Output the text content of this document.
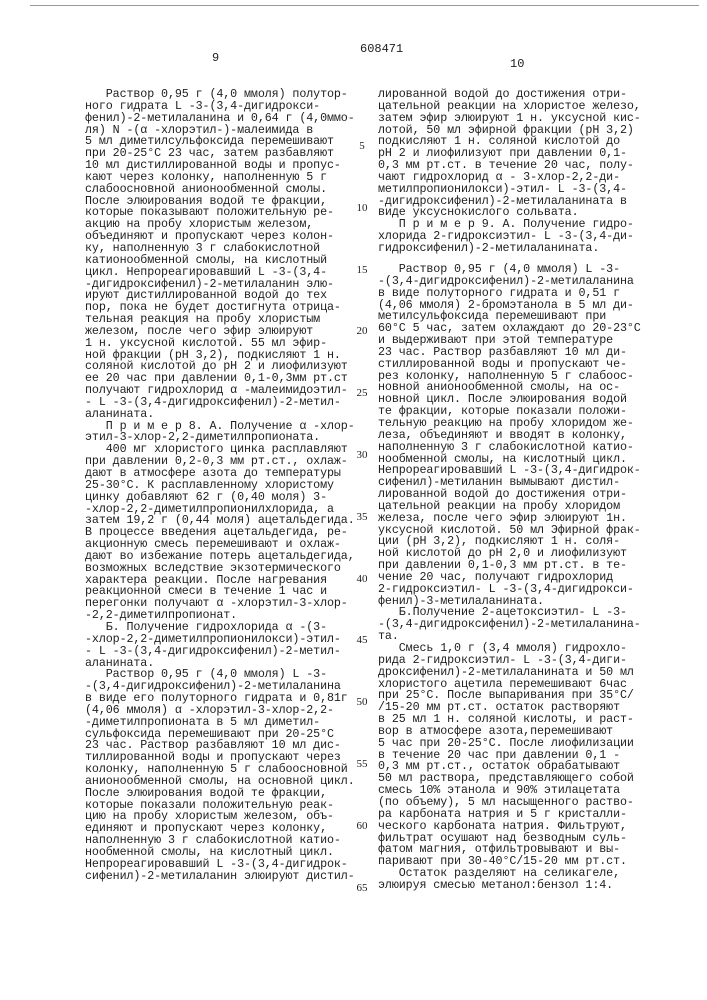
608471
9	10
Раствор 0,95 г (4,0 ммоля) полутор-
ного гидрата L -3-(3,4-дигидрокси-
фенил)-2-метилаланина и 0,64 г (4,0ммо-
ля) N -(α -хлорэтил-)-малеимида в
5 мл диметилсульфоксида перемешивают
при 20-25°С 23 час, затем разбавляют
10 мл дистиллированной воды и пропус-
кают через колонку, наполненную 5 г
слабоосновной анионообменной смолы.
После элюирования водой те фракции,
которые показывают положительную ре-
акцию на пробу хлористым железом,
объединяют и пропускают через колон-
ку, наполненную 3 г слабокислотной
катионообменной смолы, на кислотный
цикл. Непрореагировавший L -3-(3,4-
-дигидроксифенил)-2-метилаланин элю-
ируют дистиллированной водой до тех
пор, пока не будет достигнута отрица-
тельная реакция на пробу хлористым
железом, после чего эфир элюируют
1 н. уксусной кислотой. 55 мл эфир-
ной фракции (рН 3,2), подкисляют 1 н.
соляной кислотой до рН 2 и лиофилизуют
ее 20 час при давлении 0,1-0,3мм рт.ст
получают гидрохлорид α -малеимидоэтил-
- L -3-(3,4-дигидроксифенил)-2-метил-
аланината.
П р и м е р 8. А. Получение α -хлор-
этил-3-хлор-2,2-диметилпропионата.
400 мг хлористого цинка расплавляют
при давлении 0,2-0,3 мм рт.ст., охлаж-
дают в атмосфере азота до температуры
25-30°С. К расплавленному хлористому
цинку добавляют 62 г (0,40 моля) 3-
-хлор-2,2-диметилпропионилхлорида, а
затем 19,2 г (0,44 моля) ацетальдегида.
В процессе введения ацетальдегида, ре-
акционную смесь перемешивают и охлаж-
дают во избежание потерь ацетальдегида,
возможных вследствие экзотермического
характера реакции. После нагревания
реакционной смеси в течение 1 час и
перегонки получают α -хлорэтил-3-хлор-
-2,2-диметилпропионат.
Б. Получение гидрохлорида α -(3-
-хлор-2,2-диметилпропионилокси)-этил-
- L -3-(3,4-дигидроксифенил)-2-метил-
аланината.
Раствор 0,95 г (4,0 ммоля) L -3-
-(3,4-дигидроксифенил)-2-метилаланина
в виде его полуторного гидрата и 0,81г
(4,06 ммоля) α -хлорэтил-3-хлор-2,2-
-диметилпропионата в 5 мл диметил-
сульфоксида перемешивают при 20-25°С
23 час. Раствор разбавляют 10 мл дис-
тиллированной воды и пропускают через
колонку, наполненную 5 г слабоосновной
анионообменной смолы, на основной цикл.
После элюирования водой те фракции,
которые показали положительную реак-
цию на пробу хлористым железом, объ-
единяют и пропускают через колонку,
наполненную 3 г слабокислотной катио-
нообменной смолы, на кислотный цикл.
Непрореагировавший L -3-(3,4-дигидрок-
сифенил)-2-метилаланин элюируют дистил-
лированной водой до достижения отри-
цательной реакции на хлористое железо,
затем эфир элюируют 1 н. уксусной кис-
лотой, 50 мл эфирной фракции (рН 3,2)
подкисляют 1 н. соляной кислотой до
рН 2 и лиофилизуют при давлении 0,1-
0,3 мм рт.ст. в течение 20 час, полу-
чают гидрохлорид α - 3-хлор-2,2-ди-
метилпропионилокси)-этил- L -3-(3,4-
-дигидроксифенил)-2-метилаланината в
виде уксуснокислого сольвата.
П р и м е р 9. А. Получение гидро-
хлорида 2-гидроксиэтил- L -3-(3,4-ди-
гидроксифенил)-2-метилаланината.
Раствор 0,95 г (4,0 ммоля) L -3-
-(3,4-дигидроксифенил)-2-метилаланина
в виде полуторного гидрата и 0,51 г
(4,06 ммоля) 2-бромэтанола в 5 мл ди-
метилсульфоксида перемешивают при
60°С 5 час, затем охлаждают до 20-23°С
и выдерживают при этой температуре
23 час. Раствор разбавляют 10 мл ди-
стиллированной воды и пропускают че-
рез колонку, наполненную 5 г слабоос-
новной анионообменной смолы, на ос-
новной цикл. После элюирования водой
те фракции, которые показали положи-
тельную реакцию на пробу хлоридом же-
леза, объединяют и вводят в колонку,
наполненную 3 г слабокислотной катио-
нообменной смолы, на кислотный цикл.
Непрореагировавший L -3-(3,4-дигидрок-
сифенил)-метиланин вымывают дистил-
лированной водой до достижения отри-
цательной реакции на пробу хлоридом
железа, после чего эфир элюируют 1н.
уксусной кислотой. 50 мл Эфирной фрак-
ции (рН 3,2), подкисляют 1 н. соля-
ной кислотой до рН 2,0 и лиофилизуют
при давлении 0,1-0,3 мм рт.ст. в те-
чение 20 час, получают гидрохлорид
2-гидроксиэтил- L -3-(3,4-дигидрокси-
фенил)-3-метилаланината.
Б.Получение 2-ацетоксиэтил- L -3-
-(3,4-дигидроксифенил)-2-метилаланина-
та.
Смесь 1,0 г (3,4 ммоля) гидрохло-
рида 2-гидроксиэтил- L -3-(3,4-диги-
дроксифенил)-2-метилаланината и 50 мл
хлористого ацетила перемешивают 6час
при 25°С. После выпаривания при 35°С/
/15-20 мм рт.ст. остаток растворяют
в 25 мл 1 н. соляной кислоты, и раст-
вор в атмосфере азота,перемешивают
5 час при 20-25°С. После лиофилизации
в течение 20 час при давлении 0,1 -
0,3 мм рт.ст., остаток обрабатывают
50 мл раствора, представляющего собой
смесь 10% этанола и 90% этилацетата
(по объему), 5 мл насыщенного раство-
ра карбоната натрия и 5 г кристалли-
ческого карбоната натрия. Фильтруют,
фильтрат осушают над безводным суль-
фатом магния, отфильтровывают и вы-
паривают при 30-40°С/15-20 мм рт.ст.
Остаток разделяют на селикагеле,
элюируя смесью метанол:бензол 1:4.
5
10
15
20
25
30
35
40
45
50
55
60
65
